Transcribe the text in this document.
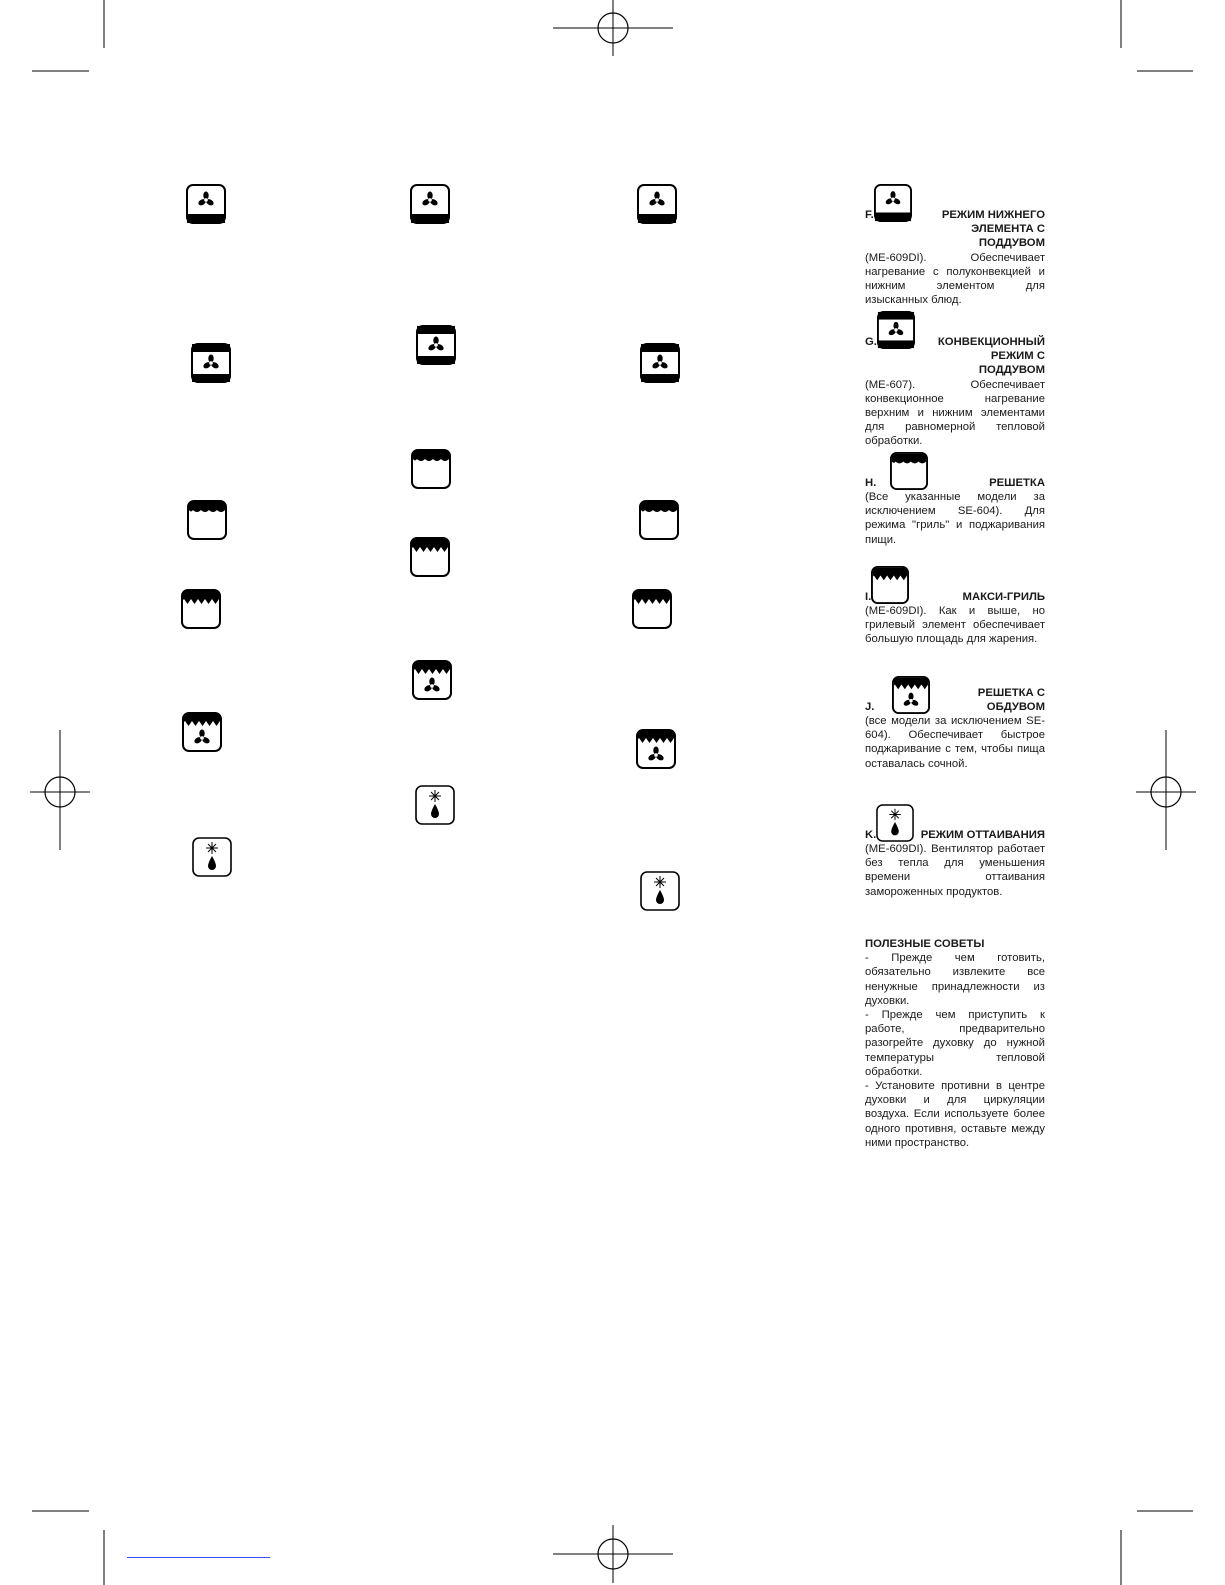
F.	РЕЖИМ НИЖНЕГО ЭЛЕМЕНТА С ПОДДУВОМ
(ME-609DI). Обеспечивает нагревание с полуконвекцией и нижним элементом для изысканных блюд.
G.	КОНВЕКЦИОННЫЙ РЕЖИМ С ПОДДУВОМ
(ME-607). Обеспечивает конвекционное нагревание верхним и нижним элементами для равномерной тепловой обработки.
H.	РЕШЕТКА
(Все указанные модели за исключением SE-604). Для режима "гриль" и поджаривания пищи.
I.	МАКСИ-ГРИЛЬ
(ME-609DI). Как и выше, но грилевый элемент обеспечивает большую площадь для жарения.
J.
РЕШЕТКА С ОБДУВОМ
(все модели за исключением SE-604). Обеспечивает быстрое поджаривание с тем, чтобы пища оставалась сочной.
K.	РЕЖИМ ОТТАИВАНИЯ
(ME-609DI). Вентилятор работает без тепла для уменьшения времени оттаивания замороженных продуктов.
ПОЛЕЗНЫЕ СОВЕТЫ

- Прежде чем готовить, обязательно извлеките все ненужные принадлежности из духовки.

- Прежде чем приступить к работе, предварительно разогрейте духовку до нужной температуры тепловой обработки.

- Установите противни в центре духовки и для циркуляции воздуха. Если используете более одного противня, оставьте между ними пространство.
